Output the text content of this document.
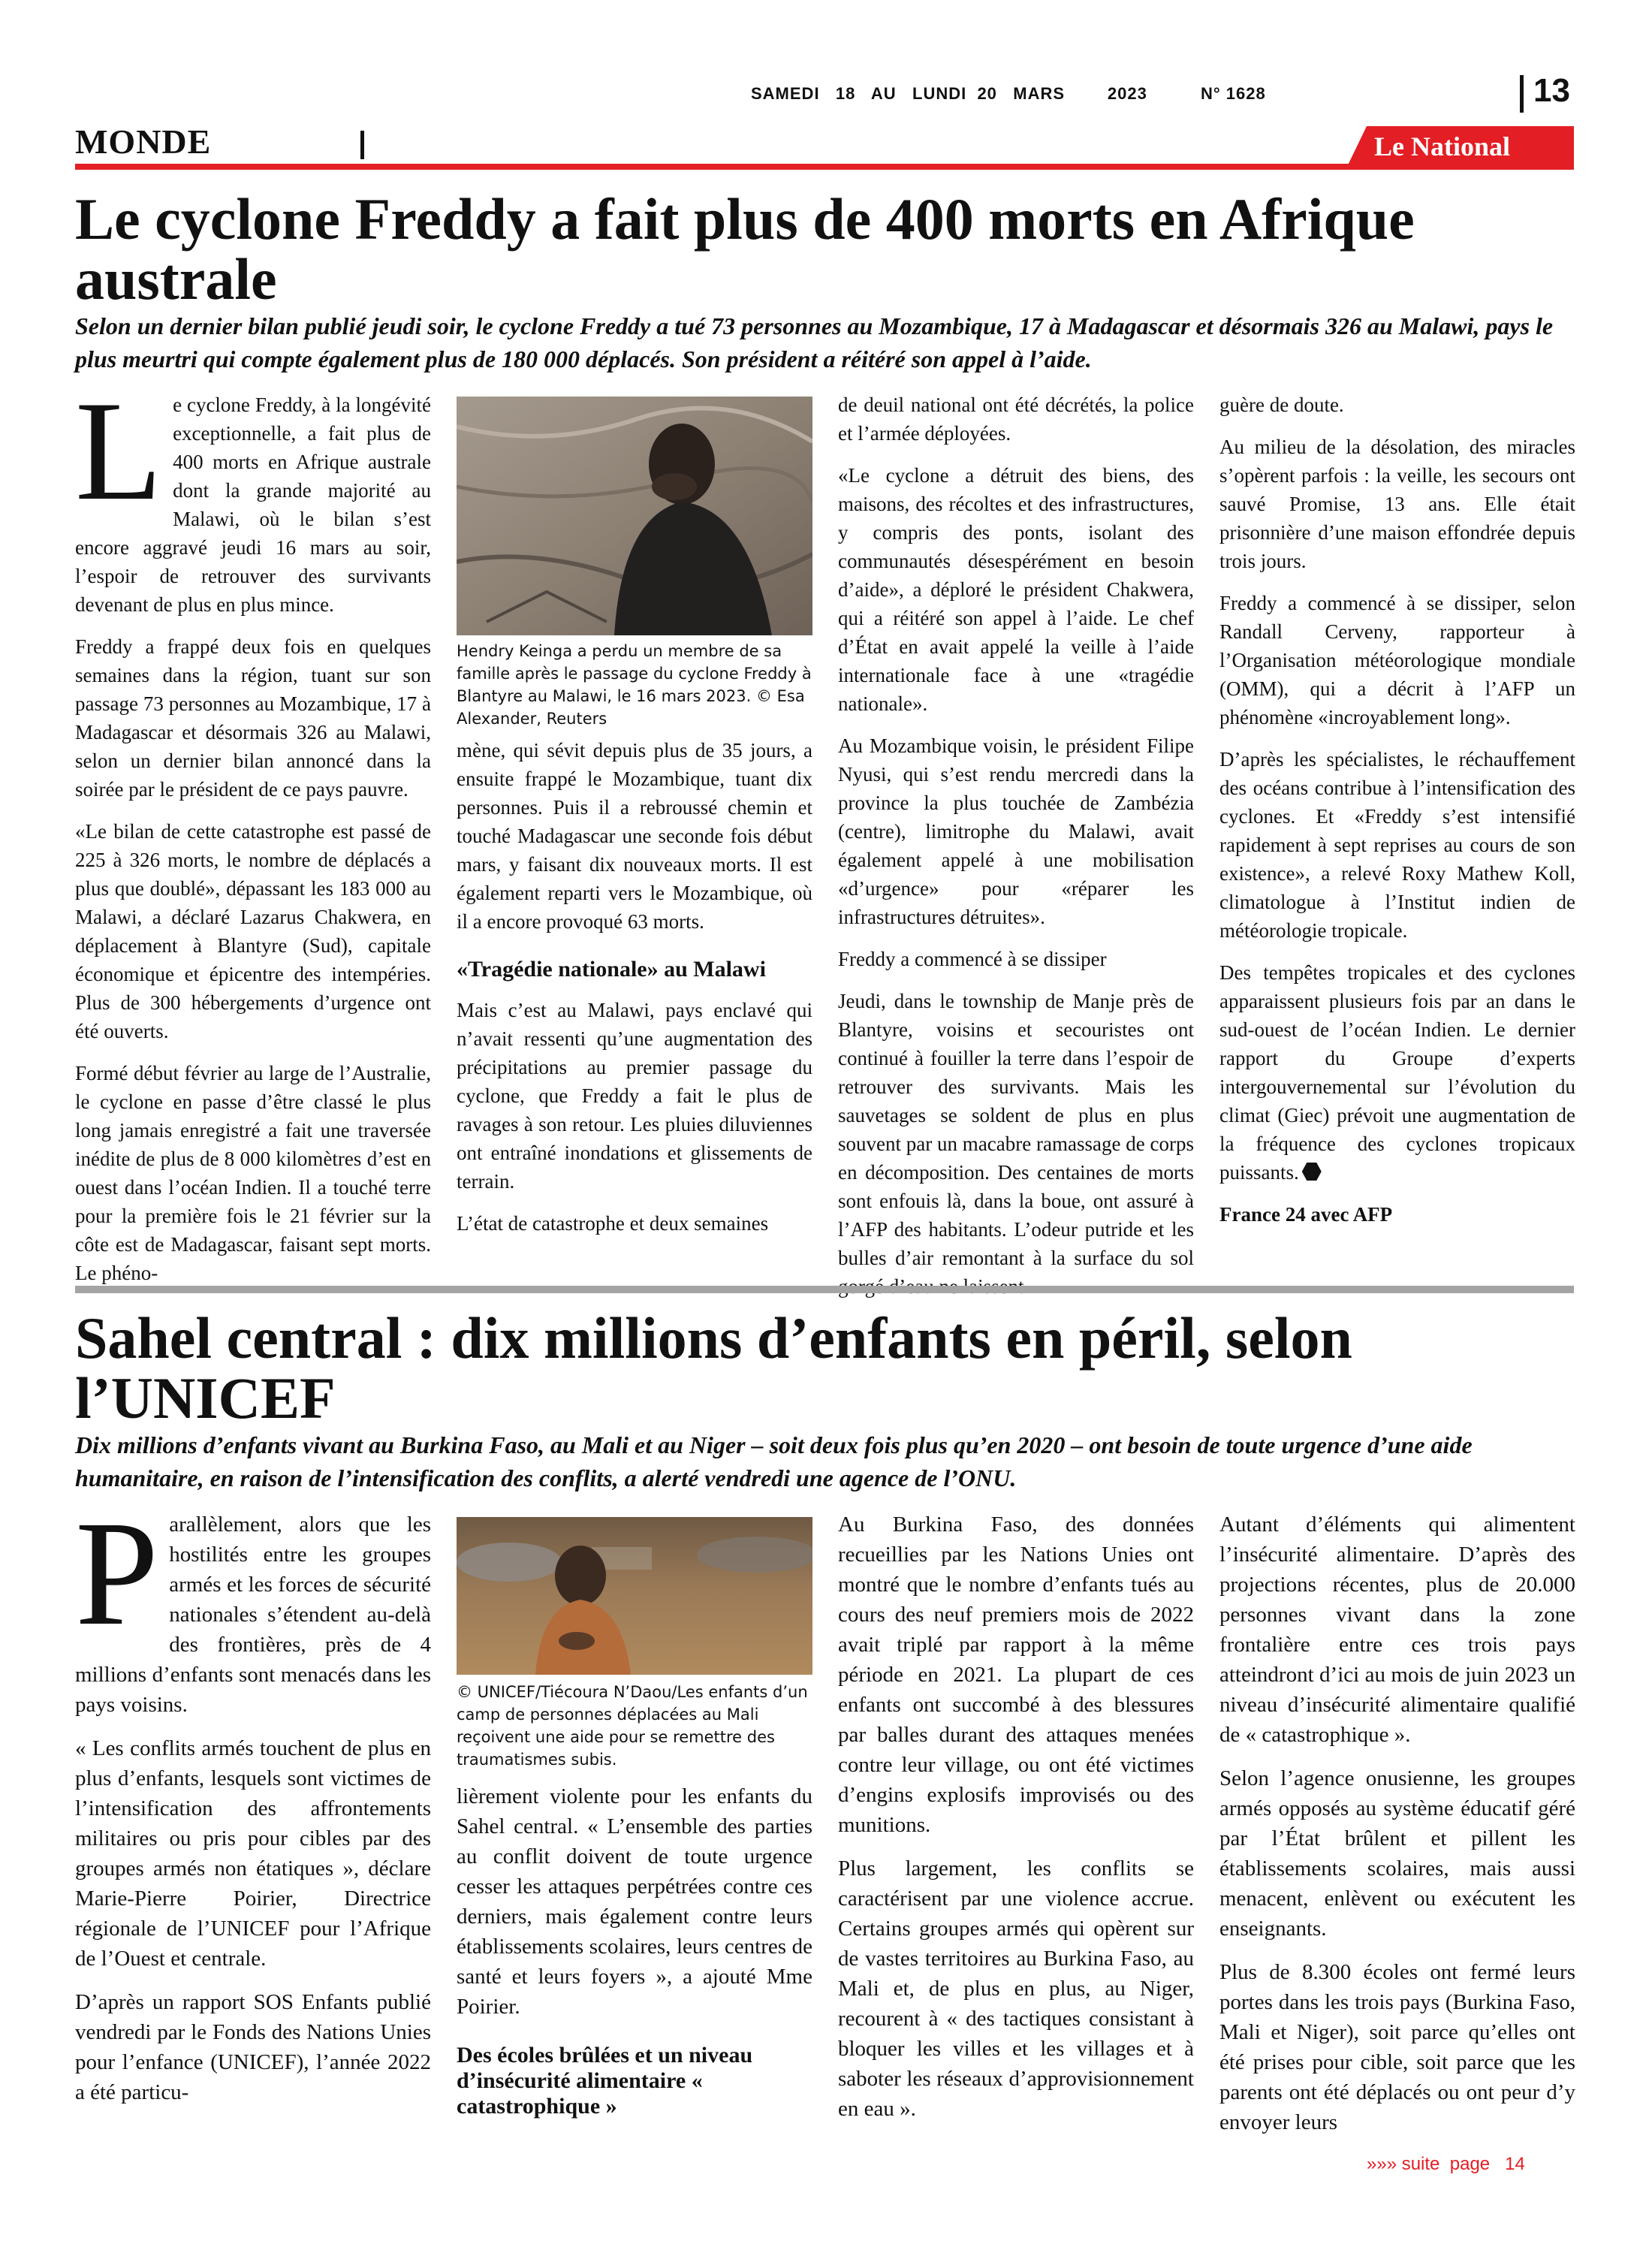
SAMEDI   18   AU   LUNDI  20   MARS        2023          N° 1628	13
MONDE	Le National
Le cyclone Freddy a fait plus de 400 morts en Afrique australe
Selon un dernier bilan publié jeudi soir, le cyclone Freddy a tué 73 personnes au Mozambique, 17 à Madagascar et désormais 326 au Malawi, pays le plus meurtri qui compte également plus de 180 000 déplacés. Son président a réitéré son appel à l’aide.
L e cyclone Freddy, à la longévité exceptionnelle, a fait plus de 400 morts en Afrique australe dont la grande majorité au Malawi, où le bilan s’est encore aggravé jeudi 16 mars au soir, l’espoir de retrouver des survivants devenant de plus en plus mince.

Freddy a frappé deux fois en quelques semaines dans la région, tuant sur son passage 73 personnes au Mozambique, 17 à Madagascar et désormais 326 au Malawi, selon un dernier bilan annoncé dans la soirée par le président de ce pays pauvre.

«Le bilan de cette catastrophe est passé de 225 à 326 morts, le nombre de déplacés a plus que doublé», dépassant les 183 000 au Malawi, a déclaré Lazarus Chakwera, en déplacement à Blantyre (Sud), capitale économique et épicentre des intempéries. Plus de 300 hébergements d’urgence ont été ouverts.

Formé début février au large de l’Australie, le cyclone en passe d’être classé le plus long jamais enregistré a fait une traversée inédite de plus de 8 000 kilomètres d’est en ouest dans l’océan Indien. Il a touché terre pour la première fois le 21 février sur la côte est de Madagascar, faisant sept morts. Le phéno-

Hendry Keinga a perdu un membre de sa famille après le passage du cyclone Freddy à Blantyre au Malawi, le 16 mars 2023. © Esa Alexander, Reuters

mène, qui sévit depuis plus de 35 jours, a ensuite frappé le Mozambique, tuant dix personnes. Puis il a rebroussé chemin et touché Madagascar une seconde fois début mars, y faisant dix nouveaux morts. Il est également reparti vers le Mozambique, où il a encore provoqué 63 morts.

«Tragédie nationale» au Malawi

Mais c’est au Malawi, pays enclavé qui n’avait ressenti qu’une augmentation des précipitations au premier passage du cyclone, que Freddy a fait le plus de ravages à son retour. Les pluies diluviennes ont entraîné inondations et glissements de terrain.

L’état de catastrophe et deux semaines

de deuil national ont été décrétés, la police et l’armée déployées.

«Le cyclone a détruit des biens, des maisons, des récoltes et des infrastructures, y compris des ponts, isolant des communautés désespérément en besoin d’aide», a déploré le président Chakwera, qui a réitéré son appel à l’aide. Le chef d’État en avait appelé la veille à l’aide internationale face à une «tragédie nationale».

Au Mozambique voisin, le président Filipe Nyusi, qui s’est rendu mercredi dans la province la plus touchée de Zambézia (centre), limitrophe du Malawi, avait également appelé à une mobilisation «d’urgence» pour «réparer les infrastructures détruites».

Freddy a commencé à se dissiper

Jeudi, dans le township de Manje près de Blantyre, voisins et secouristes ont continué à fouiller la terre dans l’espoir de retrouver des survivants. Mais les sauvetages se soldent de plus en plus souvent par un macabre ramassage de corps en décomposition. Des centaines de morts sont enfouis là, dans la boue, ont assuré à l’AFP des habitants. L’odeur putride et les bulles d’air remontant à la surface du sol

guère de doute.

Au milieu de la désolation, des miracles s’opèrent parfois : la veille, les secours ont sauvé Promise, 13 ans. Elle était prisonnière d’une maison effondrée depuis trois jours.

Freddy a commencé à se dissiper, selon Randall Cerveny, rapporteur à l’Organisation météorologique mondiale (OMM), qui a décrit à l’AFP un phénomène «incroyablement long».

D’après les spécialistes, le réchauffement des océans contribue à l’intensification des cyclones. Et «Freddy s’est intensifié rapidement à sept reprises au cours de son existence», a relevé Roxy Mathew Koll, climatologue à l’Institut indien de météorologie tropicale.

Des tempêtes tropicales et des cyclones apparaissent plusieurs fois par an dans le sud-ouest de l’océan Indien. Le dernier rapport du Groupe d’experts intergouvernemental sur l’évolution du climat (Giec) prévoit une augmentation de la fréquence des cyclones tropicaux puissants.

France 24 avec AFP

Sahel central : dix millions d’enfants en péril, selon l’UNICEF
Dix millions d’enfants vivant au Burkina Faso, au Mali et au Niger – soit deux fois plus qu’en 2020 – ont besoin de toute urgence d’une aide humanitaire, en raison de l’intensification des conflits, a alerté vendredi une agence de l’ONU.
P arallèlement, alors que les hostilités entre les groupes armés et les forces de sécurité nationales s’étendent au-delà des frontières, près de 4 millions d’enfants sont menacés dans les pays voisins.

« Les conflits armés touchent de plus en plus d’enfants, lesquels sont victimes de l’intensification des affrontements militaires ou pris pour cibles par des groupes armés non étatiques », déclare Marie-Pierre Poirier, Directrice régionale de l’UNICEF pour l’Afrique de l’Ouest et centrale.

D’après un rapport SOS Enfants publié vendredi par le Fonds des Nations Unies pour l’enfance (UNICEF), l’année 2022 a été particu-

© UNICEF/Tiécoura N’Daou/Les enfants d’un camp de personnes déplacées au Mali reçoivent une aide pour se remettre des traumatismes subis.

lièrement violente pour les enfants du Sahel central. « L’ensemble des parties au conflit doivent de toute urgence cesser les attaques perpétrées contre ces derniers, mais également contre leurs établissements scolaires, leurs centres de santé et leurs foyers », a ajouté Mme Poirier.

Des écoles brûlées et un niveau d’insécurité alimentaire « catastrophique »

Au Burkina Faso, des données recueillies par les Nations Unies ont montré que le nombre d’enfants tués au cours des neuf premiers mois de 2022 avait triplé par rapport à la même période en 2021. La plupart de ces enfants ont succombé à des blessures par balles durant des attaques menées contre leur village, ou ont été victimes d’engins explosifs improvisés ou des munitions.

Plus largement, les conflits se caractérisent par une violence accrue. Certains groupes armés qui opèrent sur de vastes territoires au Burkina Faso, au Mali et, de plus en plus, au Niger, recourent à « des tactiques consistant à bloquer les villes et les villages et à saboter les réseaux d’approvisionnement en eau ».

Autant d’éléments qui alimentent l’insécurité alimentaire. D’après des projections récentes, plus de 20.000 personnes vivant dans la zone frontalière entre ces trois pays atteindront d’ici au mois de juin 2023 un niveau d’insécurité alimentaire qualifié de « catastrophique ».

Selon l’agence onusienne, les groupes armés opposés au système éducatif géré par l’État brûlent et pillent les établissements scolaires, mais aussi menacent, enlèvent ou exécutent les enseignants.

Plus de 8.300 écoles ont fermé leurs portes dans les trois pays (Burkina Faso, Mali et Niger), soit parce qu’elles ont été prises pour cible, soit parce que les parents ont été déplacés ou ont peur d’y envoyer leurs

»»» suite  page   14
